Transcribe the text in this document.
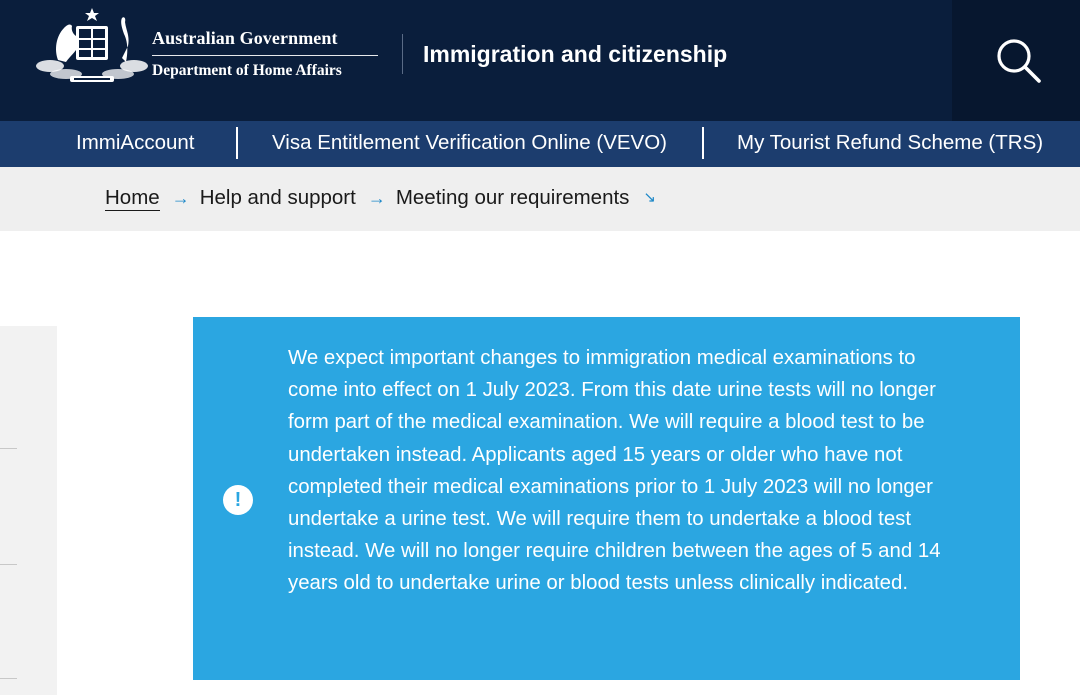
Australian Government
Department of Home Affairs
Immigration and citizenship
ImmiAccount	Visa Entitlement Verification Online (VEVO)	My Tourist Refund Scheme (TRS)
Home → Help and support → Meeting our requirements ↘
!

We expect important changes to immigration medical examinations to come into effect on 1 July 2023. From this date urine tests will no longer form part of the medical examination. We will require a blood test to be undertaken instead. Applicants aged 15 years or older who have not completed their medical examinations prior to 1 July 2023 will no longer undertake a urine test. We will require them to undertake a blood test instead. We will no longer require children between the ages of 5 and 14 years old to undertake urine or blood tests unless clinically indicated.
